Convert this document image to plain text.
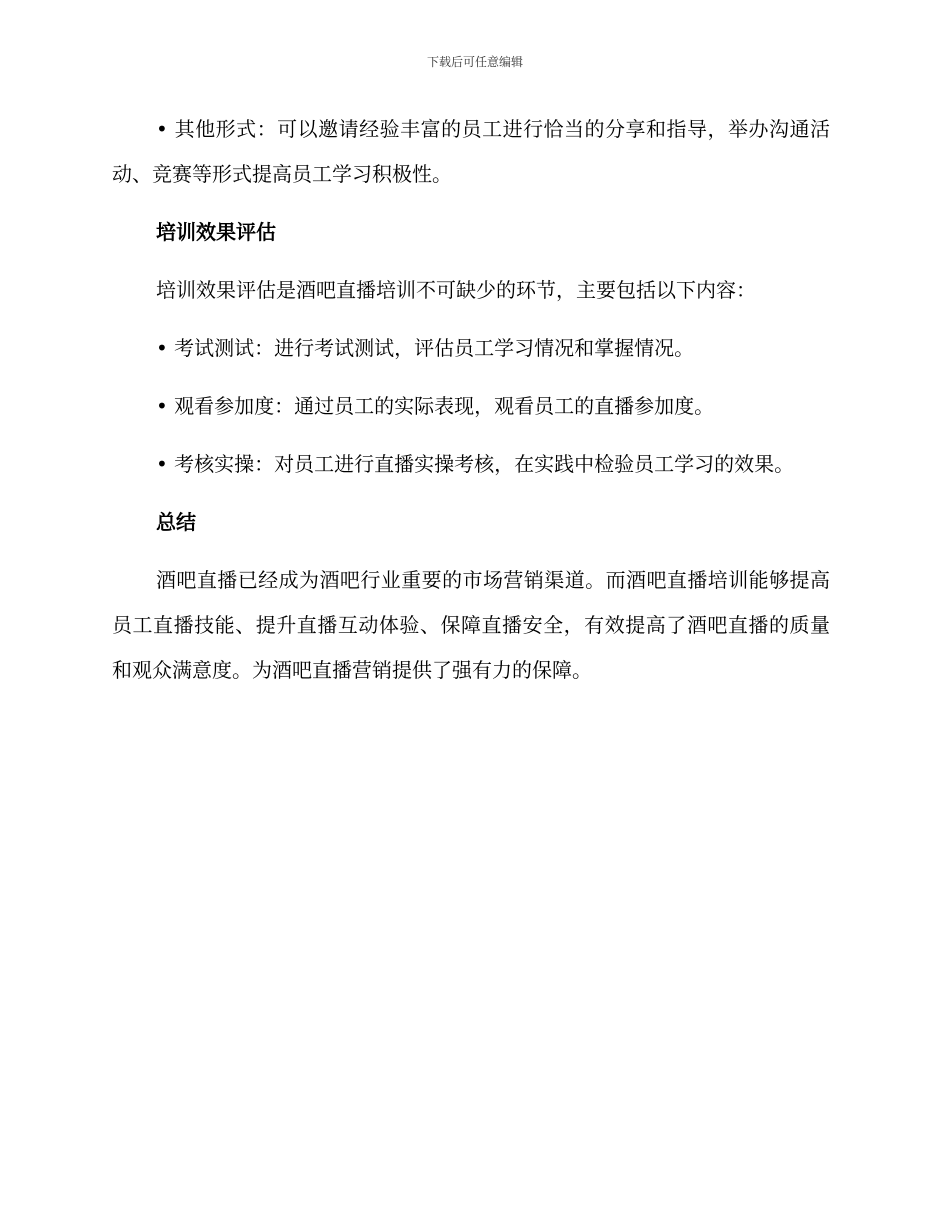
下载后可任意编辑

• 其他形式：可以邀请经验丰富的员工进行恰当的分享和指导，举办沟通活动、竞赛等形式提高员工学习积极性。

培训效果评估

培训效果评估是酒吧直播培训不可缺少的环节，主要包括以下内容：

• 考试测试：进行考试测试，评估员工学习情况和掌握情况。

• 观看参加度：通过员工的实际表现，观看员工的直播参加度。

• 考核实操：对员工进行直播实操考核，在实践中检验员工学习的效果。

总结

酒吧直播已经成为酒吧行业重要的市场营销渠道。而酒吧直播培训能够提高员工直播技能、提升直播互动体验、保障直播安全，有效提高了酒吧直播的质量和观众满意度。为酒吧直播营销提供了强有力的保障。
